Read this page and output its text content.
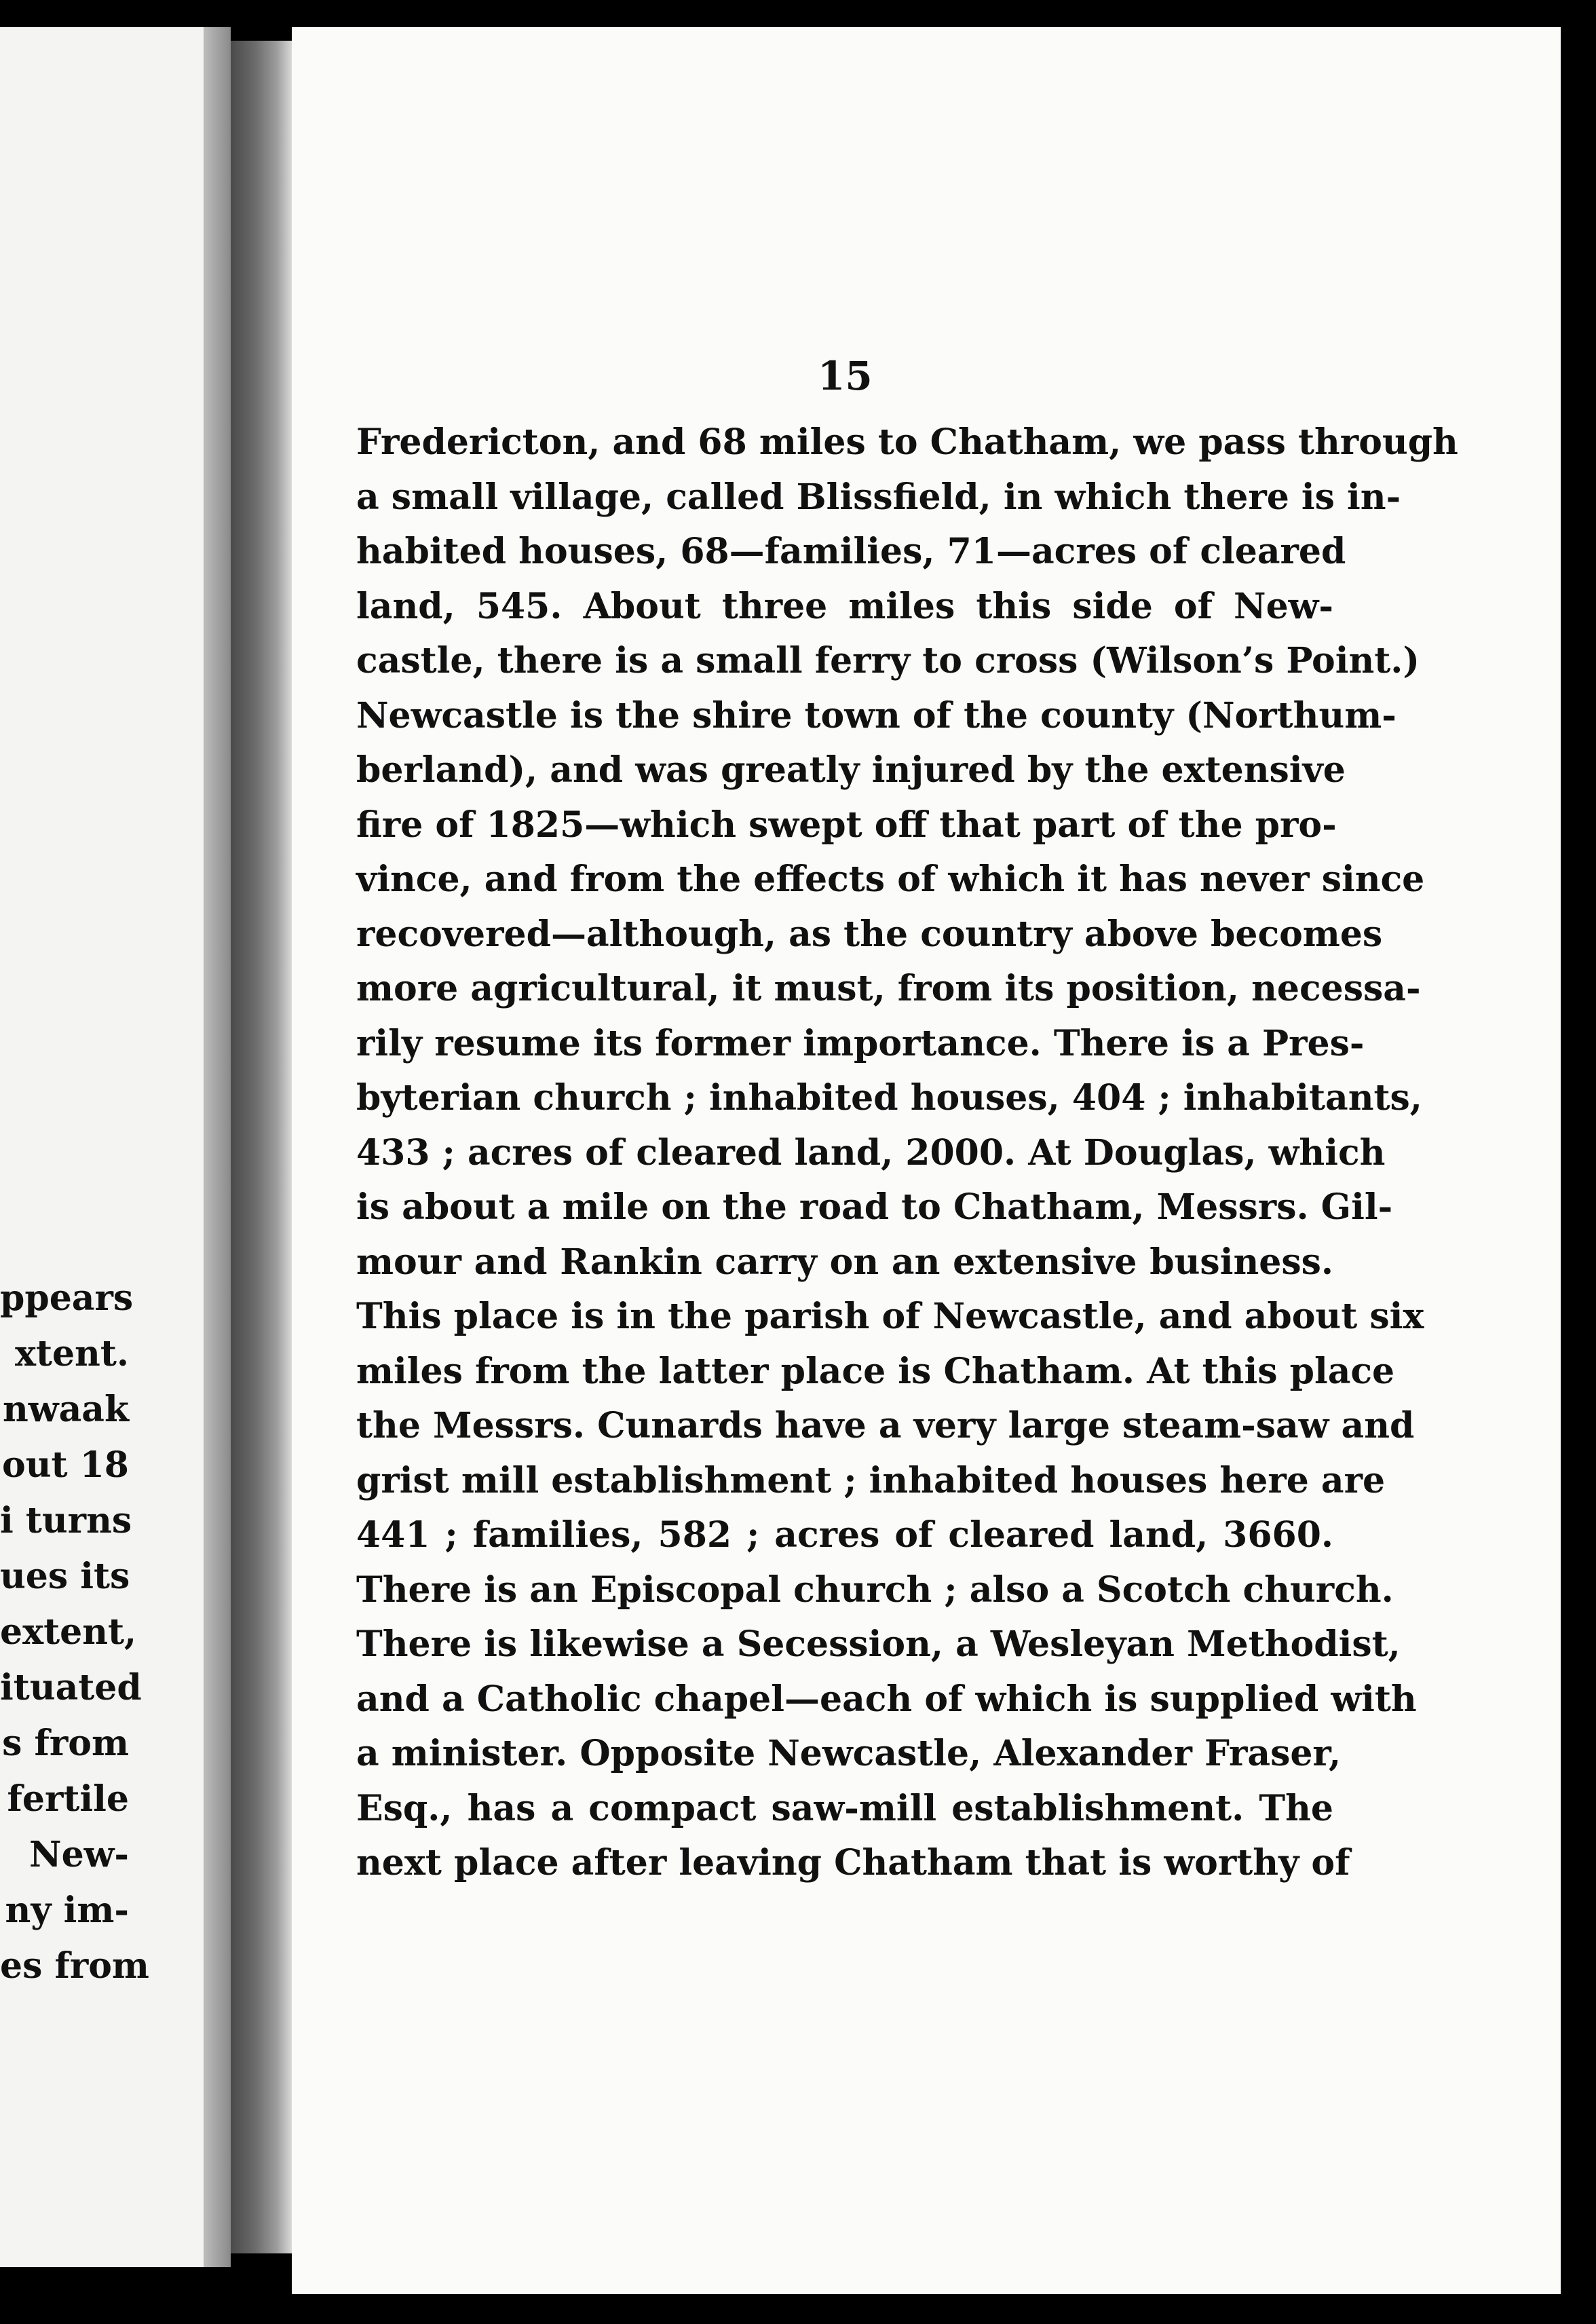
ppears
xtent.
nwaak
out 18
i turns
ues its
extent,
ituated
s from
fertile
New-
ny im-
es from
15
Fredericton, and 68 miles to Chatham, we pass through
a small village, called Blissfield, in which there is in-
habited houses, 68—families, 71—acres of cleared
land, 545. About three miles this side of New-
castle, there is a small ferry to cross (Wilson’s Point.)
Newcastle is the shire town of the county (Northum-
berland), and was greatly injured by the extensive
fire of 1825—which swept off that part of the pro-
vince, and from the effects of which it has never since
recovered—although, as the country above becomes
more agricultural, it must, from its position, necessa-
rily resume its former importance. There is a Pres-
byterian church ; inhabited houses, 404 ; inhabitants,
433 ; acres of cleared land, 2000. At Douglas, which
is about a mile on the road to Chatham, Messrs. Gil-
mour and Rankin carry on an extensive business.
This place is in the parish of Newcastle, and about six
miles from the latter place is Chatham. At this place
the Messrs. Cunards have a very large steam-saw and
grist mill establishment ; inhabited houses here are
441 ; families, 582 ; acres of cleared land, 3660.
There is an Episcopal church ; also a Scotch church.
There is likewise a Secession, a Wesleyan Methodist,
and a Catholic chapel—each of which is supplied with
a minister. Opposite Newcastle, Alexander Fraser,
Esq., has a compact saw-mill establishment. The
next place after leaving Chatham that is worthy of
